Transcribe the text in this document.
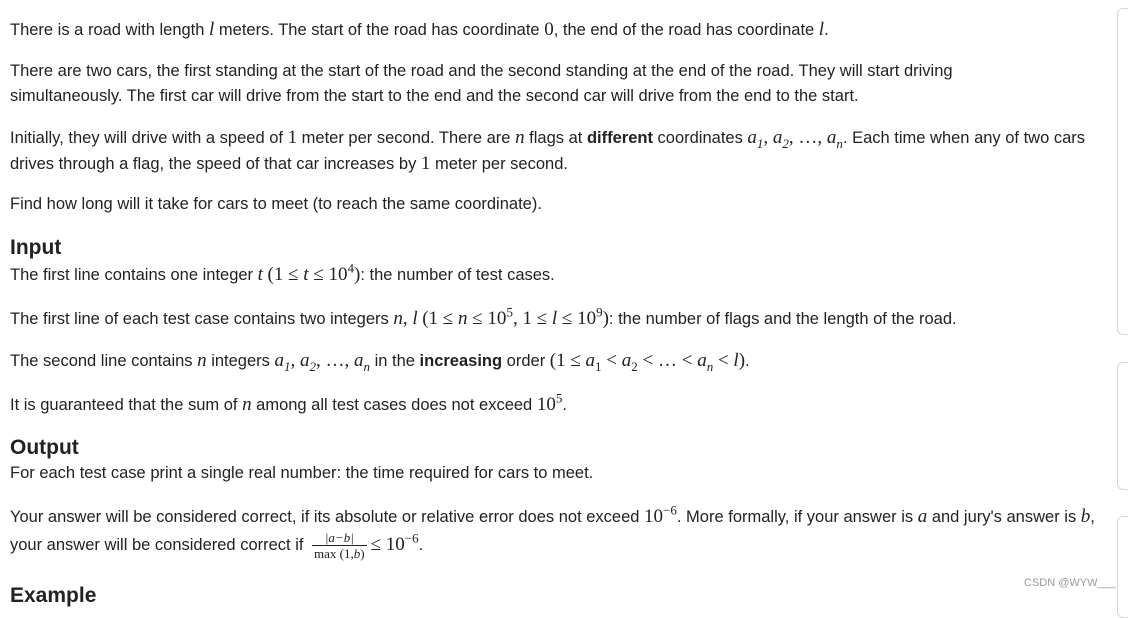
There is a road with length l meters. The start of the road has coordinate 0, the end of the road has coordinate l.

There are two cars, the first standing at the start of the road and the second standing at the end of the road. They will start driving simultaneously. The first car will drive from the start to the end and the second car will drive from the end to the start.

Initially, they will drive with a speed of 1 meter per second. There are n flags at different coordinates $a_1$, $a_2$, …, $a_n$. Each time when any of two cars drives through a flag, the speed of that car increases by 1 meter per second.

Find how long will it take for cars to meet (to reach the same coordinate).

Input

The first line contains one integer t $(1 \le t \le 10^4)$: the number of test cases.

The first line of each test case contains two integers n, l ($1 \le n \le 10^5$, $1 \le l \le 10^9$): the number of flags and the length of the road.

The second line contains n integers $a_1$, $a_2$, …, $a_n$ in the increasing order ($1 \le a_1 < a_2$ < … < $a_n < l$).

It is guaranteed that the sum of n among all test cases does not exceed $10^5$.

Output

For each test case print a single real number: the time required for cars to meet.

Your answer will be considered correct, if its absolute or relative error does not exceed $10^{-6}$. More formally, if your answer is a and jury's answer is b, your answer will be considered correct if $\frac{|a-b|}{\max (1,b)} \le 10^{-6}$.

Example
CSDN @WYW___
